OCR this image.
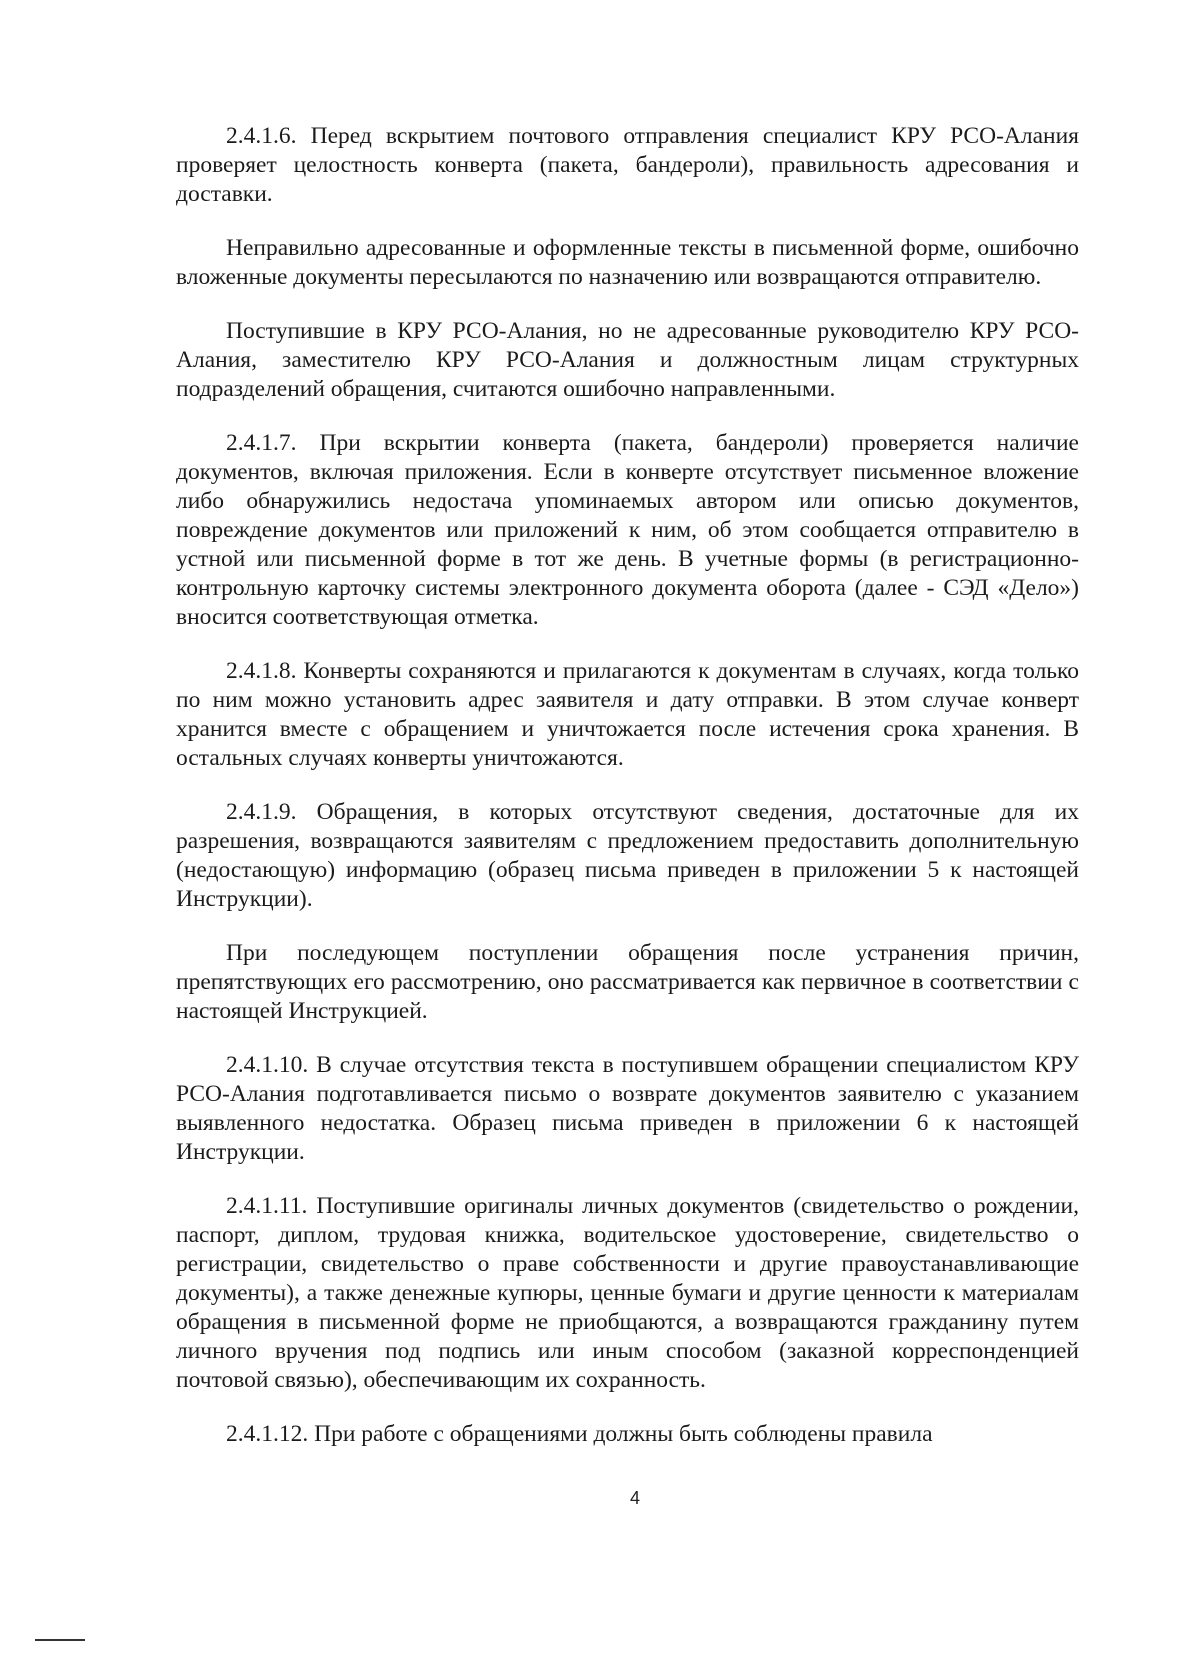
2.4.1.6. Перед вскрытием почтового отправления специалист КРУ РСО-Алания проверяет целостность конверта (пакета, бандероли), правильность адресования и доставки.

Неправильно адресованные и оформленные тексты в письменной форме, ошибочно вложенные документы пересылаются по назначению или возвращаются отправителю.

Поступившие в КРУ РСО-Алания, но не адресованные руководителю КРУ РСО-Алания, заместителю КРУ РСО-Алания и должностным лицам структурных подразделений обращения, считаются ошибочно направленными.

2.4.1.7. При вскрытии конверта (пакета, бандероли) проверяется наличие документов, включая приложения. Если в конверте отсутствует письменное вложение либо обнаружились недостача упоминаемых автором или описью документов, повреждение документов или приложений к ним, об этом сообщается отправителю в устной или письменной форме в тот же день. В учетные формы (в регистрационно-контрольную карточку системы электронного документа оборота (далее - СЭД «Дело») вносится соответствующая отметка.

2.4.1.8. Конверты сохраняются и прилагаются к документам в случаях, когда только по ним можно установить адрес заявителя и дату отправки. В этом случае конверт хранится вместе с обращением и уничтожается после истечения срока хранения. В остальных случаях конверты уничтожаются.

2.4.1.9. Обращения, в которых отсутствуют сведения, достаточные для их разрешения, возвращаются заявителям с предложением предоставить дополнительную (недостающую) информацию (образец письма приведен в приложении 5 к настоящей Инструкции).

При последующем поступлении обращения после устранения причин, препятствующих его рассмотрению, оно рассматривается как первичное в соответствии с настоящей Инструкцией.

2.4.1.10. В случае отсутствия текста в поступившем обращении специалистом КРУ РСО-Алания подготавливается письмо о возврате документов заявителю с указанием выявленного недостатка. Образец письма приведен в приложении 6 к настоящей Инструкции.

2.4.1.11. Поступившие оригиналы личных документов (свидетельство о рождении, паспорт, диплом, трудовая книжка, водительское удостоверение, свидетельство о регистрации, свидетельство о праве собственности и другие правоустанавливающие документы), а также денежные купюры, ценные бумаги и другие ценности к материалам обращения в письменной форме не приобщаются, а возвращаются гражданину путем личного вручения под подпись или иным способом (заказной корреспонденцией почтовой связью), обеспечивающим их сохранность.

2.4.1.12. При работе с обращениями должны быть соблюдены правила

4
